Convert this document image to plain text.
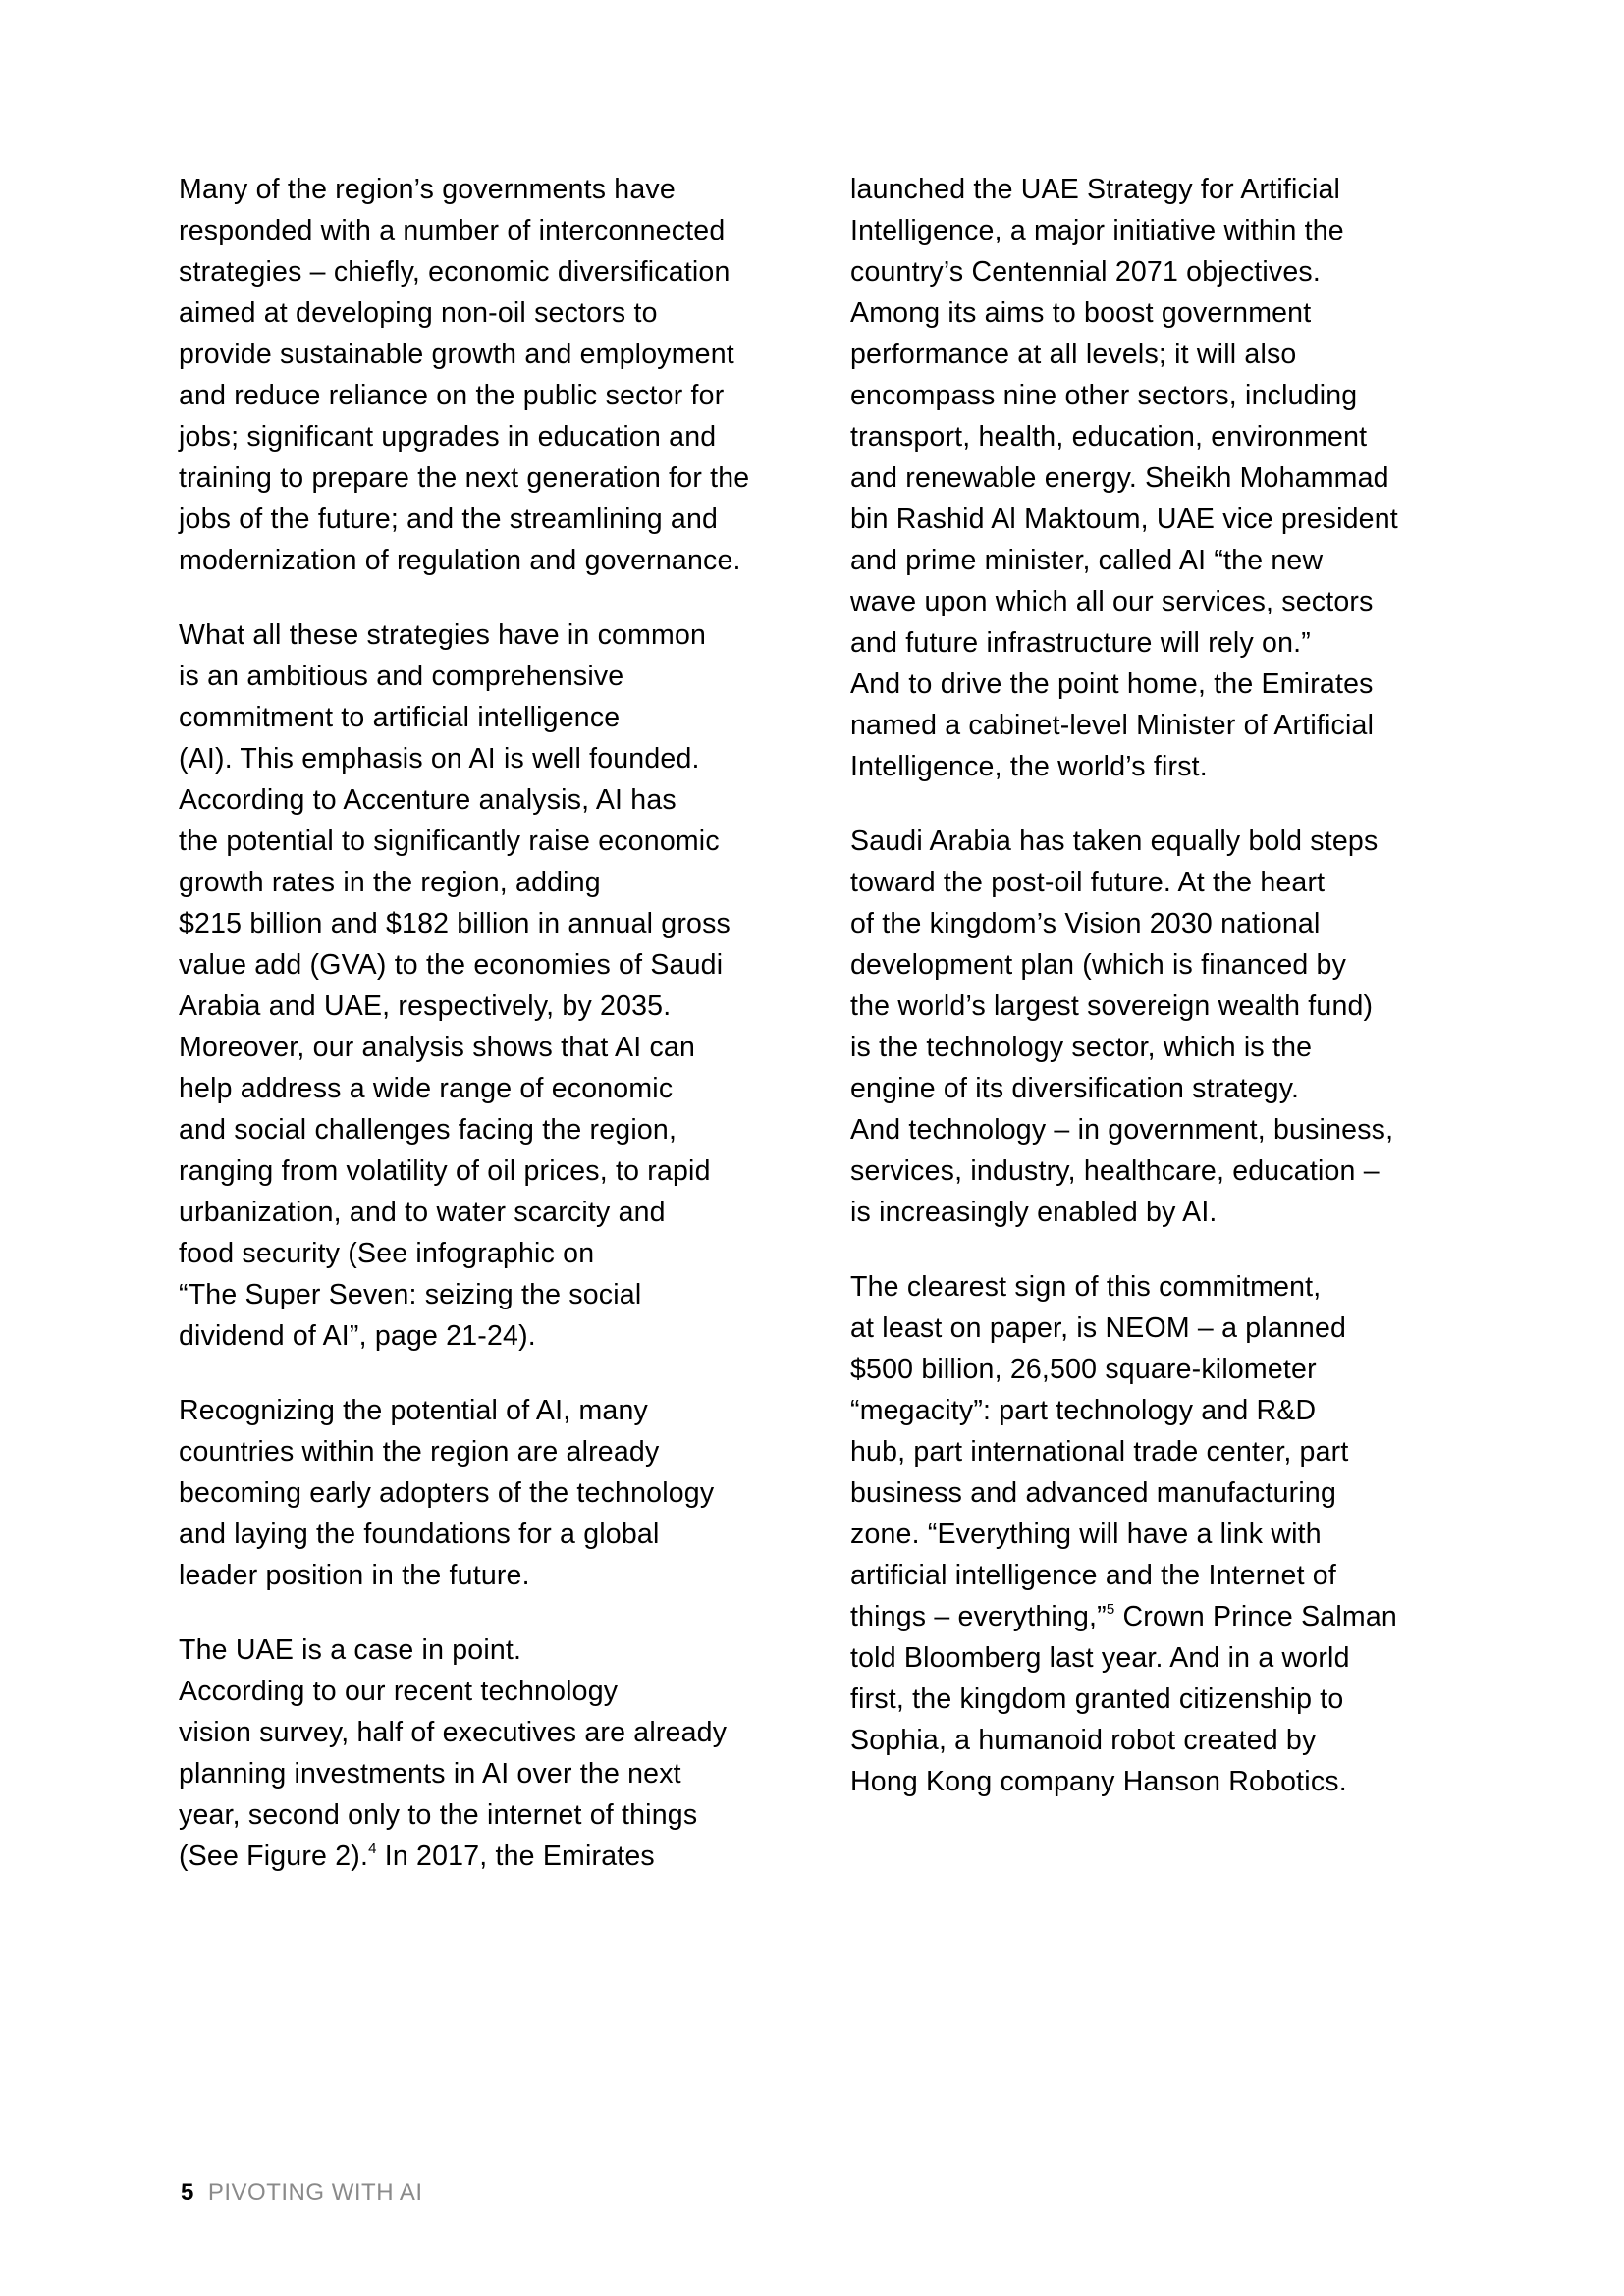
Many of the region’s governments have
responded with a number of interconnected
strategies – chiefly, economic diversification
aimed at developing non-oil sectors to
provide sustainable growth and employment
and reduce reliance on the public sector for
jobs; significant upgrades in education and
training to prepare the next generation for the
jobs of the future; and the streamlining and
modernization of regulation and governance.

What all these strategies have in common
is an ambitious and comprehensive
commitment to artificial intelligence
(AI). This emphasis on AI is well founded.
According to Accenture analysis, AI has
the potential to significantly raise economic
growth rates in the region, adding
$215 billion and $182 billion in annual gross
value add (GVA) to the economies of Saudi
Arabia and UAE, respectively, by 2035.
Moreover, our analysis shows that AI can
help address a wide range of economic
and social challenges facing the region,
ranging from volatility of oil prices, to rapid
urbanization, and to water scarcity and
food security (See infographic on
“The Super Seven: seizing the social
dividend of AI”, page 21-24).

Recognizing the potential of AI, many
countries within the region are already
becoming early adopters of the technology
and laying the foundations for a global
leader position in the future.

The UAE is a case in point.
According to our recent technology
vision survey, half of executives are already
planning investments in AI over the next
year, second only to the internet of things
(See Figure 2).$^4$ In 2017, the Emirates

launched the UAE Strategy for Artificial
Intelligence, a major initiative within the
country’s Centennial 2071 objectives.
Among its aims to boost government
performance at all levels; it will also
encompass nine other sectors, including
transport, health, education, environment
and renewable energy. Sheikh Mohammad
bin Rashid Al Maktoum, UAE vice president
and prime minister, called AI “the new
wave upon which all our services, sectors
and future infrastructure will rely on.”
And to drive the point home, the Emirates
named a cabinet-level Minister of Artificial
Intelligence, the world’s first.

Saudi Arabia has taken equally bold steps
toward the post-oil future. At the heart
of the kingdom’s Vision 2030 national
development plan (which is financed by
the world’s largest sovereign wealth fund)
is the technology sector, which is the
engine of its diversification strategy.
And technology – in government, business,
services, industry, healthcare, education –
is increasingly enabled by AI.

The clearest sign of this commitment,
at least on paper, is NEOM – a planned
$500 billion, 26,500 square-kilometer
“megacity”: part technology and R&D
hub, part international trade center, part
business and advanced manufacturing
zone. “Everything will have a link with
artificial intelligence and the Internet of
things – everything,”$^5$ Crown Prince Salman
told Bloomberg last year. And in a world
first, the kingdom granted citizenship to
Sophia, a humanoid robot created by
Hong Kong company Hanson Robotics.

5 PIVOTING WITH AI
